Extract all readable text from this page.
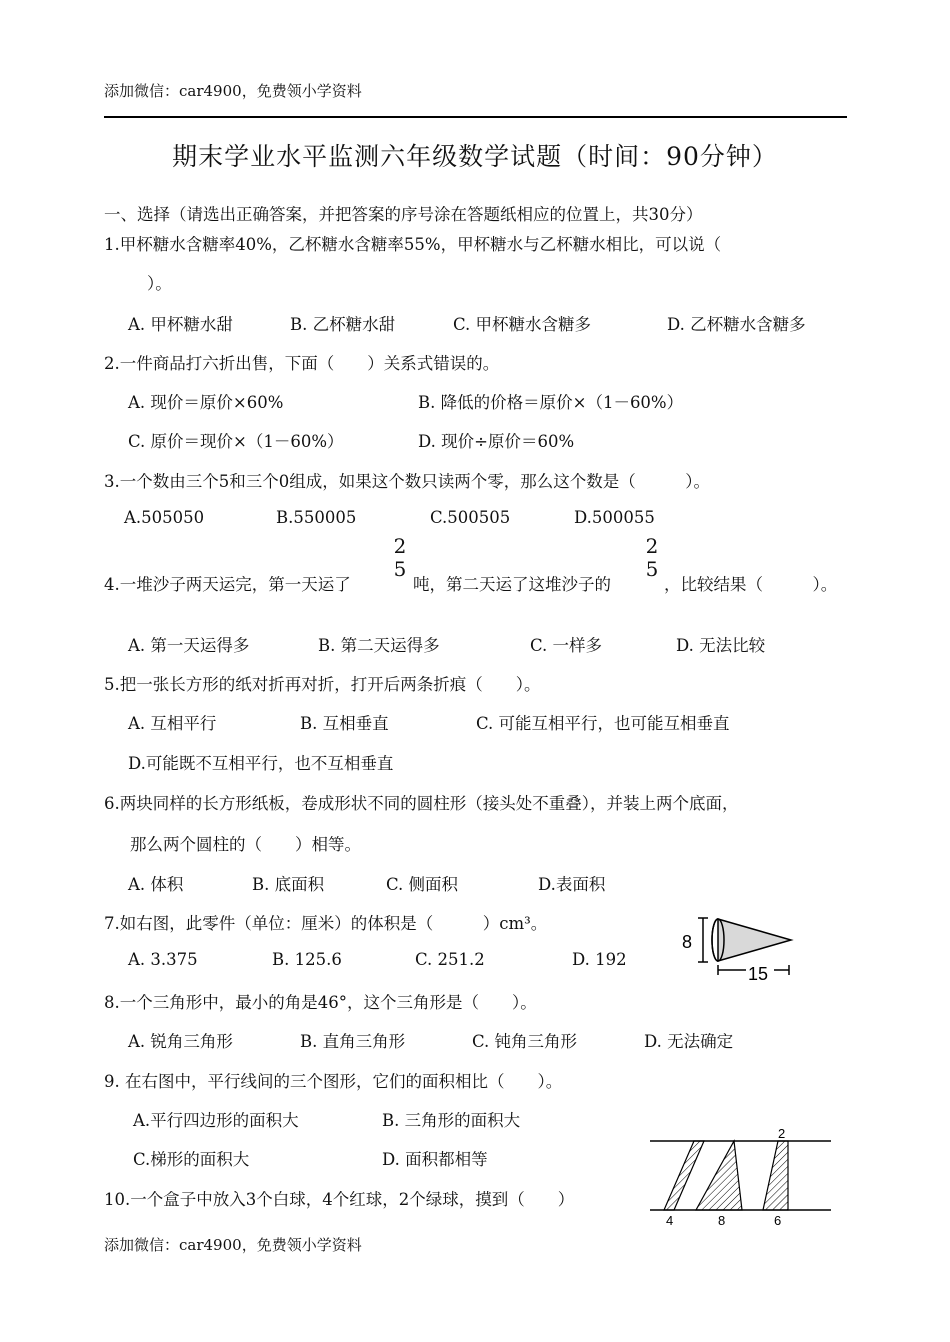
添加微信：car4900，免费领小学资料
期末学业水平监测六年级数学试题（时间：90分钟）
一、选择（请选出正确答案，并把答案的序号涂在答题纸相应的位置上，共30分）
1.甲杯糖水含糖率40%，乙杯糖水含糖率55%，甲杯糖水与乙杯糖水相比，可以说（
）。
A. 甲杯糖水甜	B. 乙杯糖水甜	C. 甲杯糖水含糖多	D. 乙杯糖水含糖多
2.一件商品打六折出售，下面（　　）关系式错误的。
A. 现价＝原价×60%	B. 降低的价格＝原价×（1－60%）
C. 原价＝现价×（1－60%）	D. 现价÷原价＝60%
3.一个数由三个5和三个0组成，如果这个数只读两个零，那么这个数是（　　　）。
A.505050	B.550005	C.500505	D.500055
4.一堆沙子两天运完，第一天运了
$\frac{2}{5}$
吨，第二天运了这堆沙子的
$\frac{2}{5}$
，比较结果（　　　）。
A. 第一天运得多	B. 第二天运得多	C. 一样多	D. 无法比较
5.把一张长方形的纸对折再对折，打开后两条折痕（　　）。
A. 互相平行	B. 互相垂直	C. 可能互相平行，也可能互相垂直
D.可能既不互相平行，也不互相垂直
6.两块同样的长方形纸板，卷成形状不同的圆柱形（接头处不重叠），并装上两个底面，
那么两个圆柱的（　　）相等。
A. 体积	B. 底面积	C. 侧面积	D.表面积
7.如右图，此零件（单位：厘米）的体积是（　　　）cm³。
A. 3.375	B. 125.6	C. 251.2	D. 192
8
15
8.一个三角形中，最小的角是46°，这个三角形是（　　）。
A. 锐角三角形	B. 直角三角形	C. 钝角三角形	D. 无法确定
9. 在右图中，平行线间的三个图形，它们的面积相比（　　）。
A.平行四边形的面积大	B. 三角形的面积大
C.梯形的面积大	D. 面积都相等
2
4	8	6
10.一个盒子中放入3个白球，4个红球，2个绿球，摸到（　　）
添加微信：car4900，免费领小学资料
